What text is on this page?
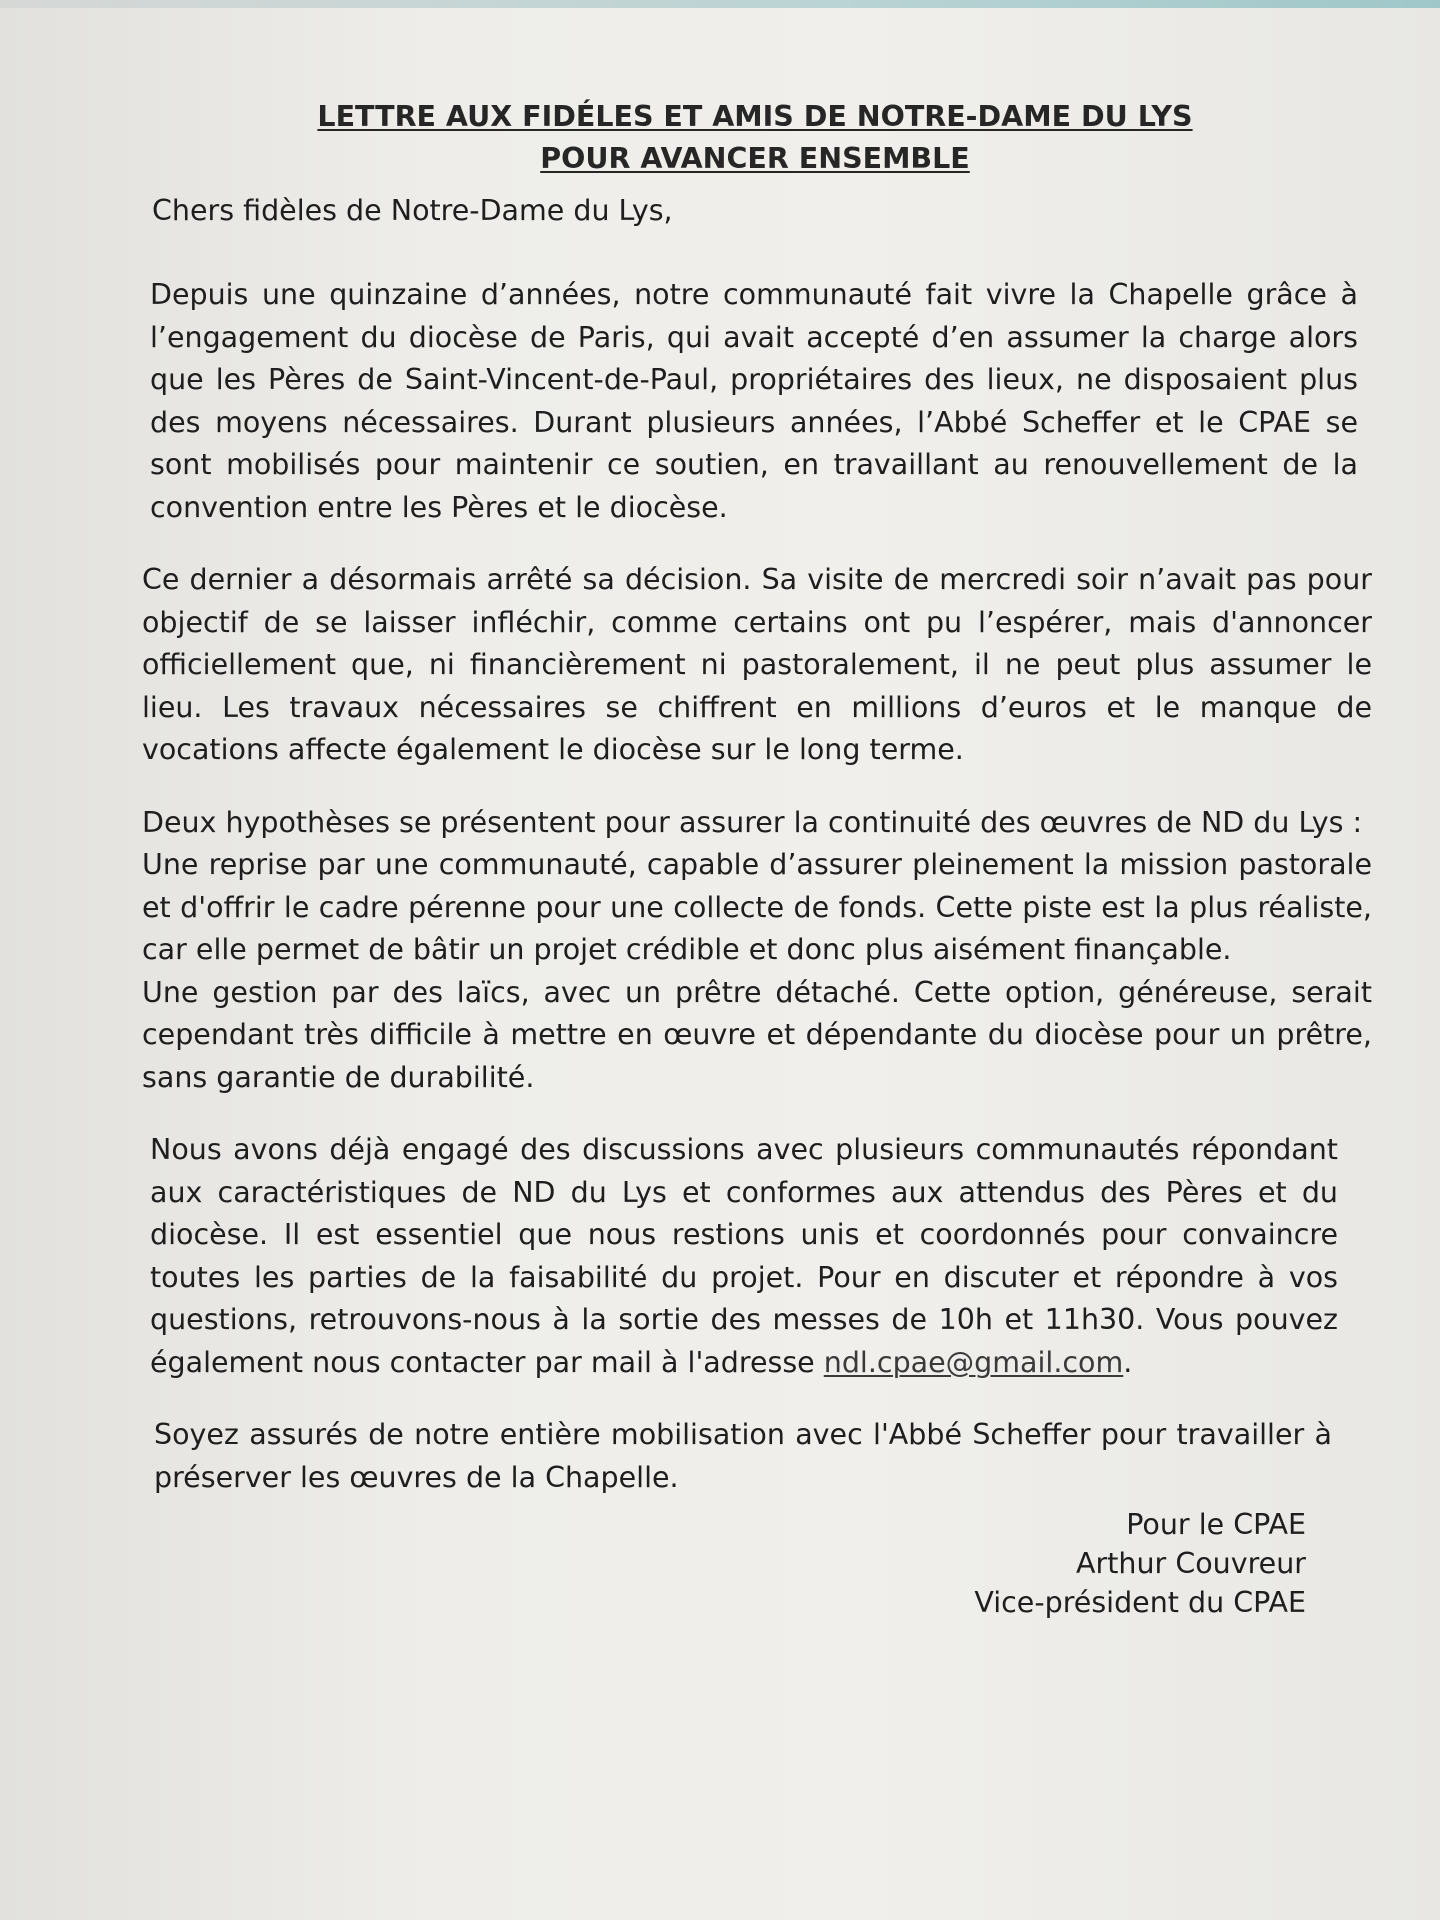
LETTRE AUX FIDÉLES ET AMIS DE NOTRE-DAME DU LYS
POUR AVANCER ENSEMBLE
Chers fidèles de Notre-Dame du Lys,
Depuis une quinzaine d’années, notre communauté fait vivre la Chapelle grâce à l’engagement du diocèse de Paris, qui avait accepté d’en assumer la charge alors que les Pères de Saint-Vincent-de-Paul, propriétaires des lieux, ne disposaient plus des moyens nécessaires. Durant plusieurs années, l’Abbé Scheffer et le CPAE se sont mobilisés pour maintenir ce soutien, en travaillant au renouvellement de la convention entre les Pères et le diocèse.
Ce dernier a désormais arrêté sa décision. Sa visite de mercredi soir n’avait pas pour objectif de se laisser infléchir, comme certains ont pu l’espérer, mais d'annoncer officiellement que, ni financièrement ni pastoralement, il ne peut plus assumer le lieu. Les travaux nécessaires se chiffrent en millions d’euros et le manque de vocations affecte également le diocèse sur le long terme.
Deux hypothèses se présentent pour assurer la continuité des œuvres de ND du Lys :
Une reprise par une communauté, capable d’assurer pleinement la mission pastorale et d'offrir le cadre pérenne pour une collecte de fonds. Cette piste est la plus réaliste, car elle permet de bâtir un projet crédible et donc plus aisément finançable.
Une gestion par des laïcs, avec un prêtre détaché. Cette option, généreuse, serait cependant très difficile à mettre en œuvre et dépendante du diocèse pour un prêtre, sans garantie de durabilité.
Nous avons déjà engagé des discussions avec plusieurs communautés répondant aux caractéristiques de ND du Lys et conformes aux attendus des Pères et du diocèse. Il est essentiel que nous restions unis et coordonnés pour convaincre toutes les parties de la faisabilité du projet. Pour en discuter et répondre à vos questions, retrouvons-nous à la sortie des messes de 10h et 11h30. Vous pouvez également nous contacter par mail à l'adresse ndl.cpae@gmail.com.
Soyez assurés de notre entière mobilisation avec l'Abbé Scheffer pour travailler à préserver les œuvres de la Chapelle.
Pour le CPAE
Arthur Couvreur
Vice-président du CPAE
